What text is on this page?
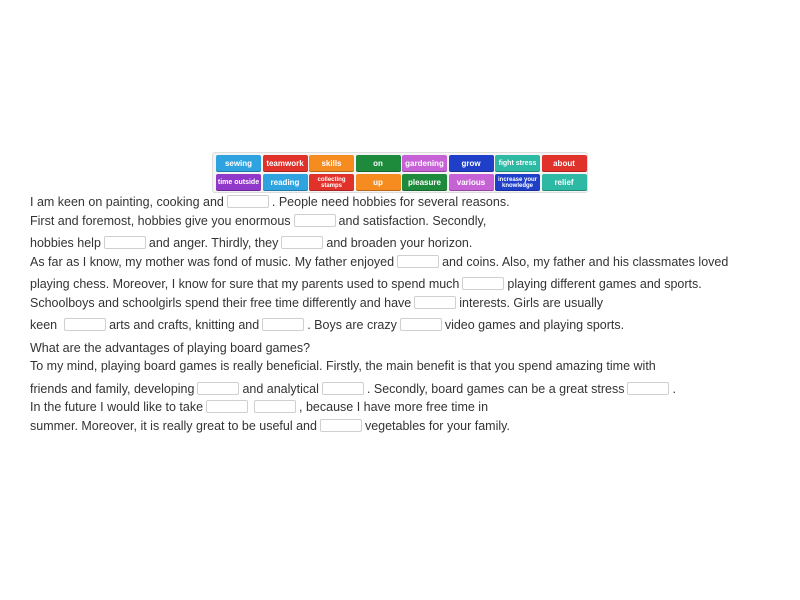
sewing	teamwork	skills	on	gardening	grow	fight stress	about
time outside	reading	collecting stamps	up	pleasure	various	increase your knowledge	relief
I am keen on painting, cooking and	. People need hobbies for several reasons.
First and foremost, hobbies give you enormous	and satisfaction. Secondly,
hobbies help	and anger. Thirdly, they	and broaden your horizon.
As far as I know, my mother was fond of music. My father enjoyed	and coins. Also, my father and his classmates loved
playing chess. Moreover, I know for sure that my parents used to spend much	playing different games and sports.
Schoolboys and schoolgirls spend their free time differently and have	interests. Girls are usually
keen	arts and crafts, knitting and	. Boys are crazy	video games and playing sports.
What are the advantages of playing board games?
To my mind, playing board games is really beneficial. Firstly, the main benefit is that you spend amazing time with
friends and family, developing	and analytical	. Secondly, board games can be a great stress	.
In the future I would like to take	, because I have more free time in
summer. Moreover, it is really great to be useful and	vegetables for your family.
